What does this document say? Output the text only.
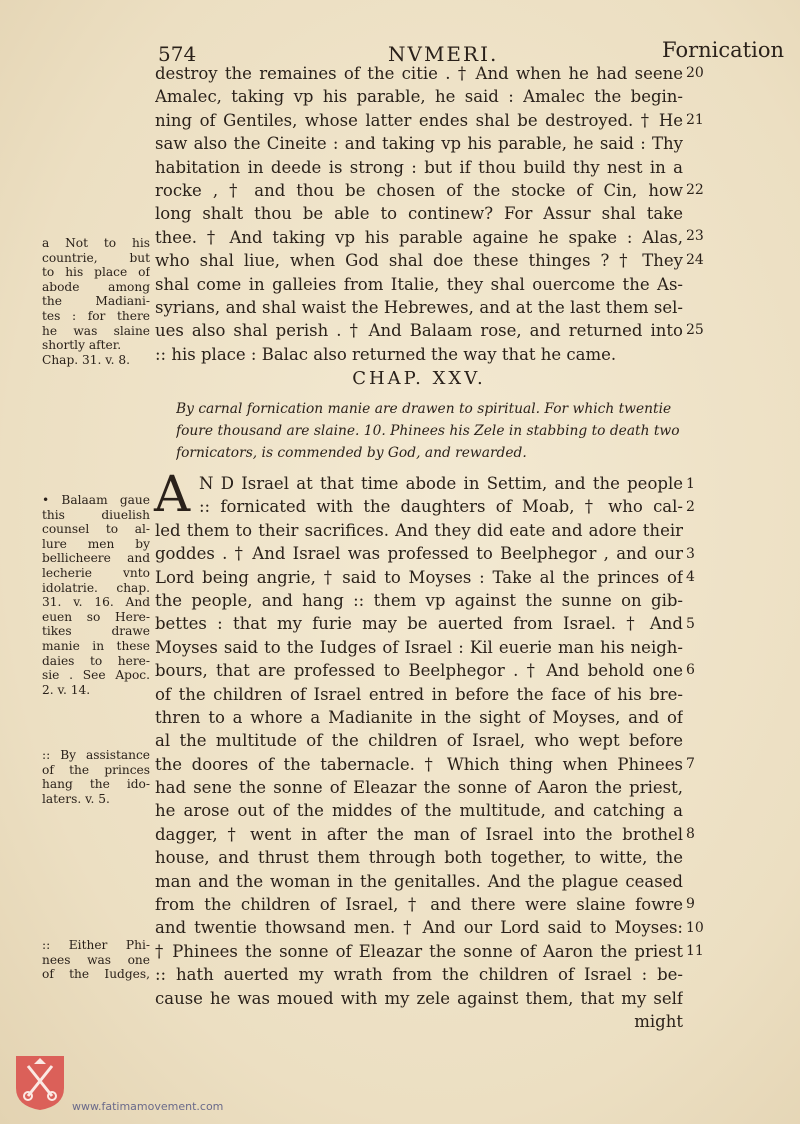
574	NVMERI.	Fornication
destroy the remaines of the citie . † And when he had seene
Amalec, taking vp his parable, he said : Amalec the begin-
ning of Gentiles, whose latter endes shal be destroyed. † He
saw also the Cineite : and taking vp his parable, he said : Thy
habitation in deede is strong : but if thou build thy nest in a
rocke , † and thou be chosen of the stocke of Cin, how
long shalt thou be able to continew? For Assur shal take
thee. † And taking vp his parable againe he spake : Alas,
who shal liue, when God shal doe these thinges ? † They
shal come in galleies from Italie, they shal ouercome the As-
syrians, and shal waist the Hebrewes, and at the last them sel-
ues also shal perish . † And Balaam rose, and returned into
:: his place : Balac also returned the way that he came.
20
21
22
23
24
25
CHAP. XXV.
By carnal fornication manie are drawen to spiritual. For which twentie
foure thousand are slaine. 10. Phinees his Zele in stabbing to death two
fornicators, is commended by God, and rewarded.
A N D Israel at that time abode in Settim, and the people
:: fornicated with the daughters of Moab, † who cal-
led them to their sacrifices. And they did eate and adore their
goddes . † And Israel was professed to Beelphegor , and our
Lord being angrie, † said to Moyses : Take al the princes of
the people, and hang :: them vp against the sunne on gib-
bettes : that my furie may be auerted from Israel. † And
Moyses said to the Iudges of Israel : Kil euerie man his neigh-
bours, that are professed to Beelphegor . † And behold one
of the children of Israel entred in before the face of his bre-
thren to a whore a Madianite in the sight of Moyses, and of
al the multitude of the children of Israel, who wept before
the doores of the tabernacle. † Which thing when Phinees
had sene the sonne of Eleazar the sonne of Aaron the priest,
he arose out of the middes of the multitude, and catching a
dagger, † went in after the man of Israel into the brothel
house, and thrust them through both together, to witte, the
man and the woman in the genitalles. And the plague ceased
from the children of Israel, † and there were slaine fowre
and twentie thowsand men. † And our Lord said to Moyses:
† Phinees the sonne of Eleazar the sonne of Aaron the priest
:: hath auerted my wrath from the children of Israel : be-
cause he was moued with my zele against them, that my self
might
1
2
3
4
5
6
7
8
9
10
11
a Not to his
countrie, but
to his place of
abode among
the Madiani-
tes : for there
he was slaine
shortly after.
Chap. 31. v. 8.
• Balaam gaue
this diuelish
counsel to al-
lure men by
bellicheere and
lecherie vnto
idolatrie. chap.
31. v. 16. And
euen so Here-
tikes drawe
manie in these
daies to here-
sie . See Apoc.
2. v. 14.
:: By assistance
of the princes
hang the ido-
laters. v. 5.
:: Either Phi-
nees was one
of the Iudges,
www.fatimamovement.com
